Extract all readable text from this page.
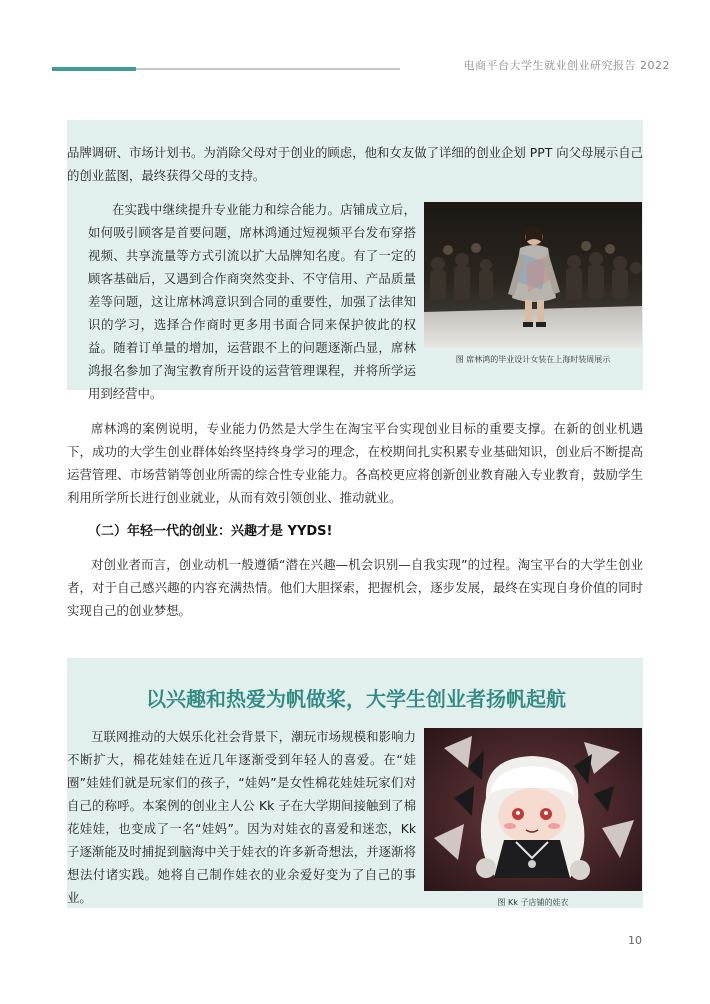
电商平台大学生就业创业研究报告 2022

品牌调研、市场计划书。为消除父母对于创业的顾虑，他和女友做了详细的创业企划 PPT 向父母展示自己的创业蓝图，最终获得父母的支持。

在实践中继续提升专业能力和综合能力。店铺成立后，如何吸引顾客是首要问题，席林鸿通过短视频平台发布穿搭视频、共享流量等方式引流以扩大品牌知名度。有了一定的顾客基础后，又遇到合作商突然变卦、不守信用、产品质量差等问题，这让席林鸿意识到合同的重要性，加强了法律知识的学习，选择合作商时更多用书面合同来保护彼此的权益。随着订单量的增加，运营跟不上的问题逐渐凸显，席林鸿报名参加了淘宝教育所开设的运营管理课程，并将所学运用到经营中。

图 席林鸿的毕业设计女装在上海时装周展示

席林鸿的案例说明，专业能力仍然是大学生在淘宝平台实现创业目标的重要支撑。在新的创业机遇下，成功的大学生创业群体始终坚持终身学习的理念，在校期间扎实积累专业基础知识，创业后不断提高运营管理、市场营销等创业所需的综合性专业能力。各高校更应将创新创业教育融入专业教育，鼓励学生利用所学所长进行创业就业，从而有效引领创业、推动就业。

（二）年轻一代的创业：兴趣才是 YYDS!

对创业者而言，创业动机一般遵循“潜在兴趣—机会识别—自我实现”的过程。淘宝平台的大学生创业者，对于自己感兴趣的内容充满热情。他们大胆探索，把握机会，逐步发展，最终在实现自身价值的同时实现自己的创业梦想。

以兴趣和热爱为帆做桨，大学生创业者扬帆起航

互联网推动的大娱乐化社会背景下，潮玩市场规模和影响力不断扩大，棉花娃娃在近几年逐渐受到年轻人的喜爱。在“娃圈”娃娃们就是玩家们的孩子，“娃妈”是女性棉花娃娃玩家们对自己的称呼。本案例的创业主人公 Kk 子在大学期间接触到了棉花娃娃，也变成了一名“娃妈”。因为对娃衣的喜爱和迷恋，Kk 子逐渐能及时捕捉到脑海中关于娃衣的许多新奇想法，并逐渐将想法付诸实践。她将自己制作娃衣的业余爱好变为了自己的事业。	图 Kk 子店铺的娃衣
10
